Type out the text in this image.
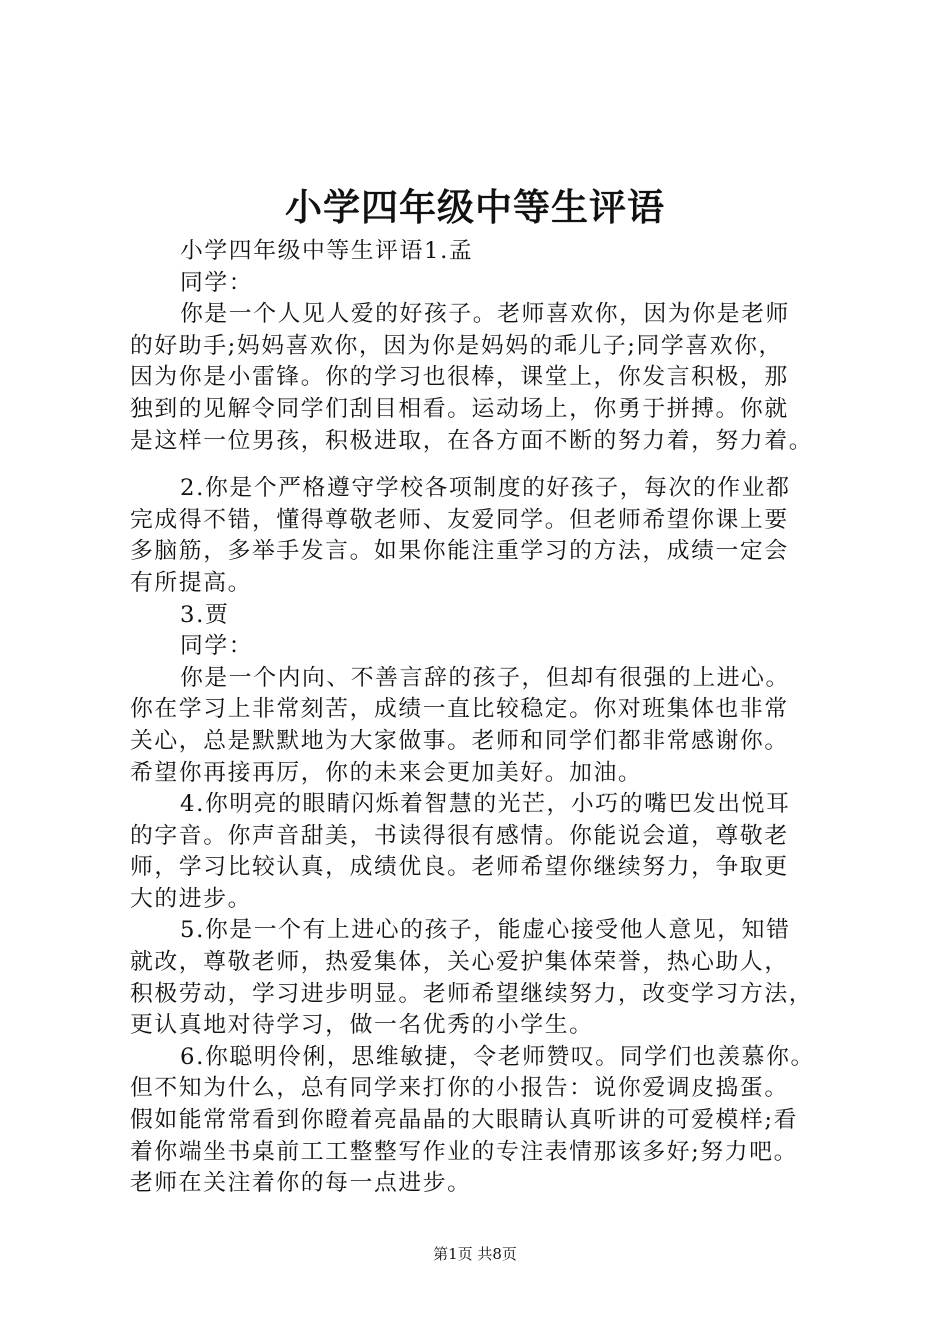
小学四年级中等生评语
小学四年级中等生评语1.孟
同学：
你是一个人见人爱的好孩子。老师喜欢你，因为你是老师
的好助手;妈妈喜欢你，因为你是妈妈的乖儿子;同学喜欢你，
因为你是小雷锋。你的学习也很棒，课堂上，你发言积极，那
独到的见解令同学们刮目相看。运动场上，你勇于拼搏。你就
是这样一位男孩，积极进取，在各方面不断的努力着，努力着。
2.你是个严格遵守学校各项制度的好孩子，每次的作业都
完成得不错，懂得尊敬老师、友爱同学。但老师希望你课上要
多脑筋，多举手发言。如果你能注重学习的方法，成绩一定会
有所提高。
3.贾
同学：
你是一个内向、不善言辞的孩子，但却有很强的上进心。
你在学习上非常刻苦，成绩一直比较稳定。你对班集体也非常
关心，总是默默地为大家做事。老师和同学们都非常感谢你。
希望你再接再厉，你的未来会更加美好。加油。
4.你明亮的眼睛闪烁着智慧的光芒，小巧的嘴巴发出悦耳
的字音。你声音甜美，书读得很有感情。你能说会道，尊敬老
师，学习比较认真，成绩优良。老师希望你继续努力，争取更
大的进步。
5.你是一个有上进心的孩子，能虚心接受他人意见，知错
就改，尊敬老师，热爱集体，关心爱护集体荣誉，热心助人，
积极劳动，学习进步明显。老师希望继续努力，改变学习方法，
更认真地对待学习，做一名优秀的小学生。
6.你聪明伶俐，思维敏捷，令老师赞叹。同学们也羡慕你。
但不知为什么，总有同学来打你的小报告：说你爱调皮捣蛋。
假如能常常看到你瞪着亮晶晶的大眼睛认真听讲的可爱模样;看
着你端坐书桌前工工整整写作业的专注表情那该多好;努力吧。
老师在关注着你的每一点进步。
第1页 共8页
